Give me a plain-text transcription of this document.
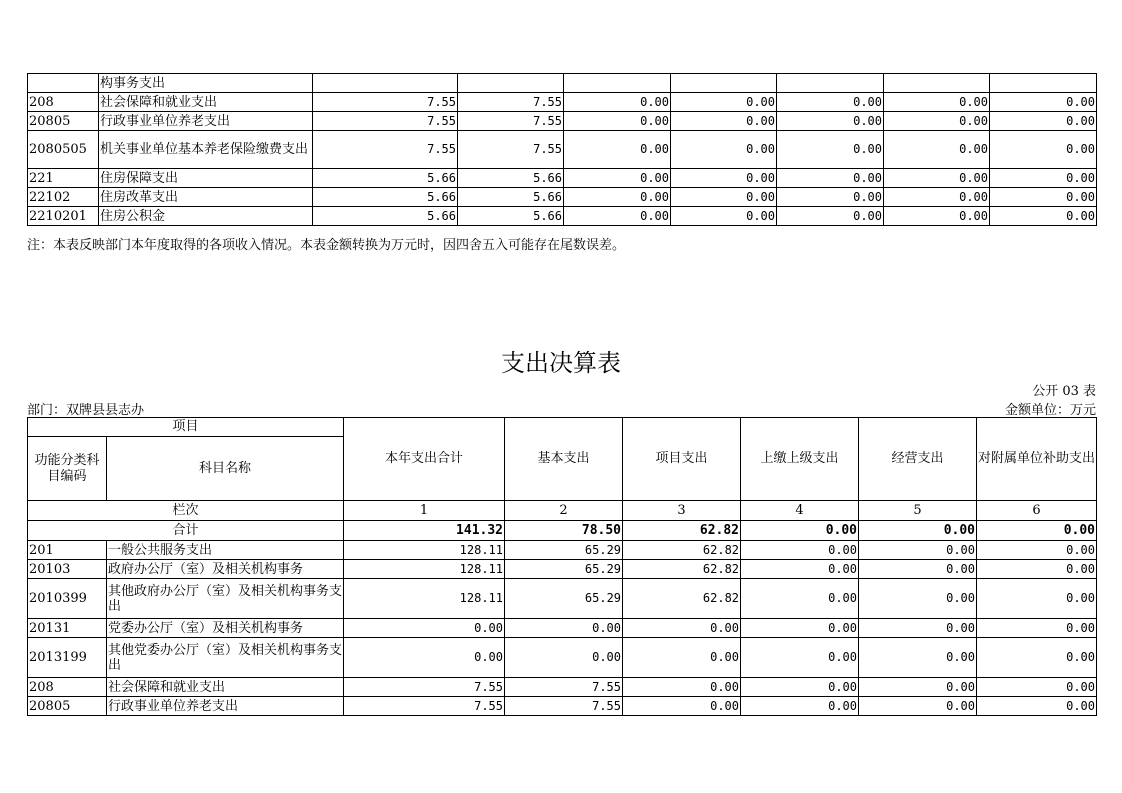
	构事务支出							
208	社会保障和就业支出	7.55	7.55	0.00	0.00	0.00	0.00	0.00
20805	行政事业单位养老支出	7.55	7.55	0.00	0.00	0.00	0.00	0.00
2080505	机关事业单位基本养老保险缴费支出	7.55	7.55	0.00	0.00	0.00	0.00	0.00
221	住房保障支出	5.66	5.66	0.00	0.00	0.00	0.00	0.00
22102	住房改革支出	5.66	5.66	0.00	0.00	0.00	0.00	0.00
2210201	住房公积金	5.66	5.66	0.00	0.00	0.00	0.00	0.00
注：本表反映部门本年度取得的各项收入情况。本表金额转换为万元时，因四舍五入可能存在尾数误差。
支出决算表
公开 03 表
部门：双牌县县志办	金额单位：万元
项目		本年支出合计	基本支出	项目支出	上缴上级支出	经营支出	对附属单位补助支出
功能分类科目编码	科目名称						
栏次		1	2	3	4	5	6
合计		141.32	78.50	62.82	0.00	0.00	0.00
201	一般公共服务支出	128.11	65.29	62.82	0.00	0.00	0.00
20103	政府办公厅（室）及相关机构事务	128.11	65.29	62.82	0.00	0.00	0.00
2010399	其他政府办公厅（室）及相关机构事务支出	128.11	65.29	62.82	0.00	0.00	0.00
20131	党委办公厅（室）及相关机构事务	0.00	0.00	0.00	0.00	0.00	0.00
2013199	其他党委办公厅（室）及相关机构事务支出	0.00	0.00	0.00	0.00	0.00	0.00
208	社会保障和就业支出	7.55	7.55	0.00	0.00	0.00	0.00
20805	行政事业单位养老支出	7.55	7.55	0.00	0.00	0.00	0.00
